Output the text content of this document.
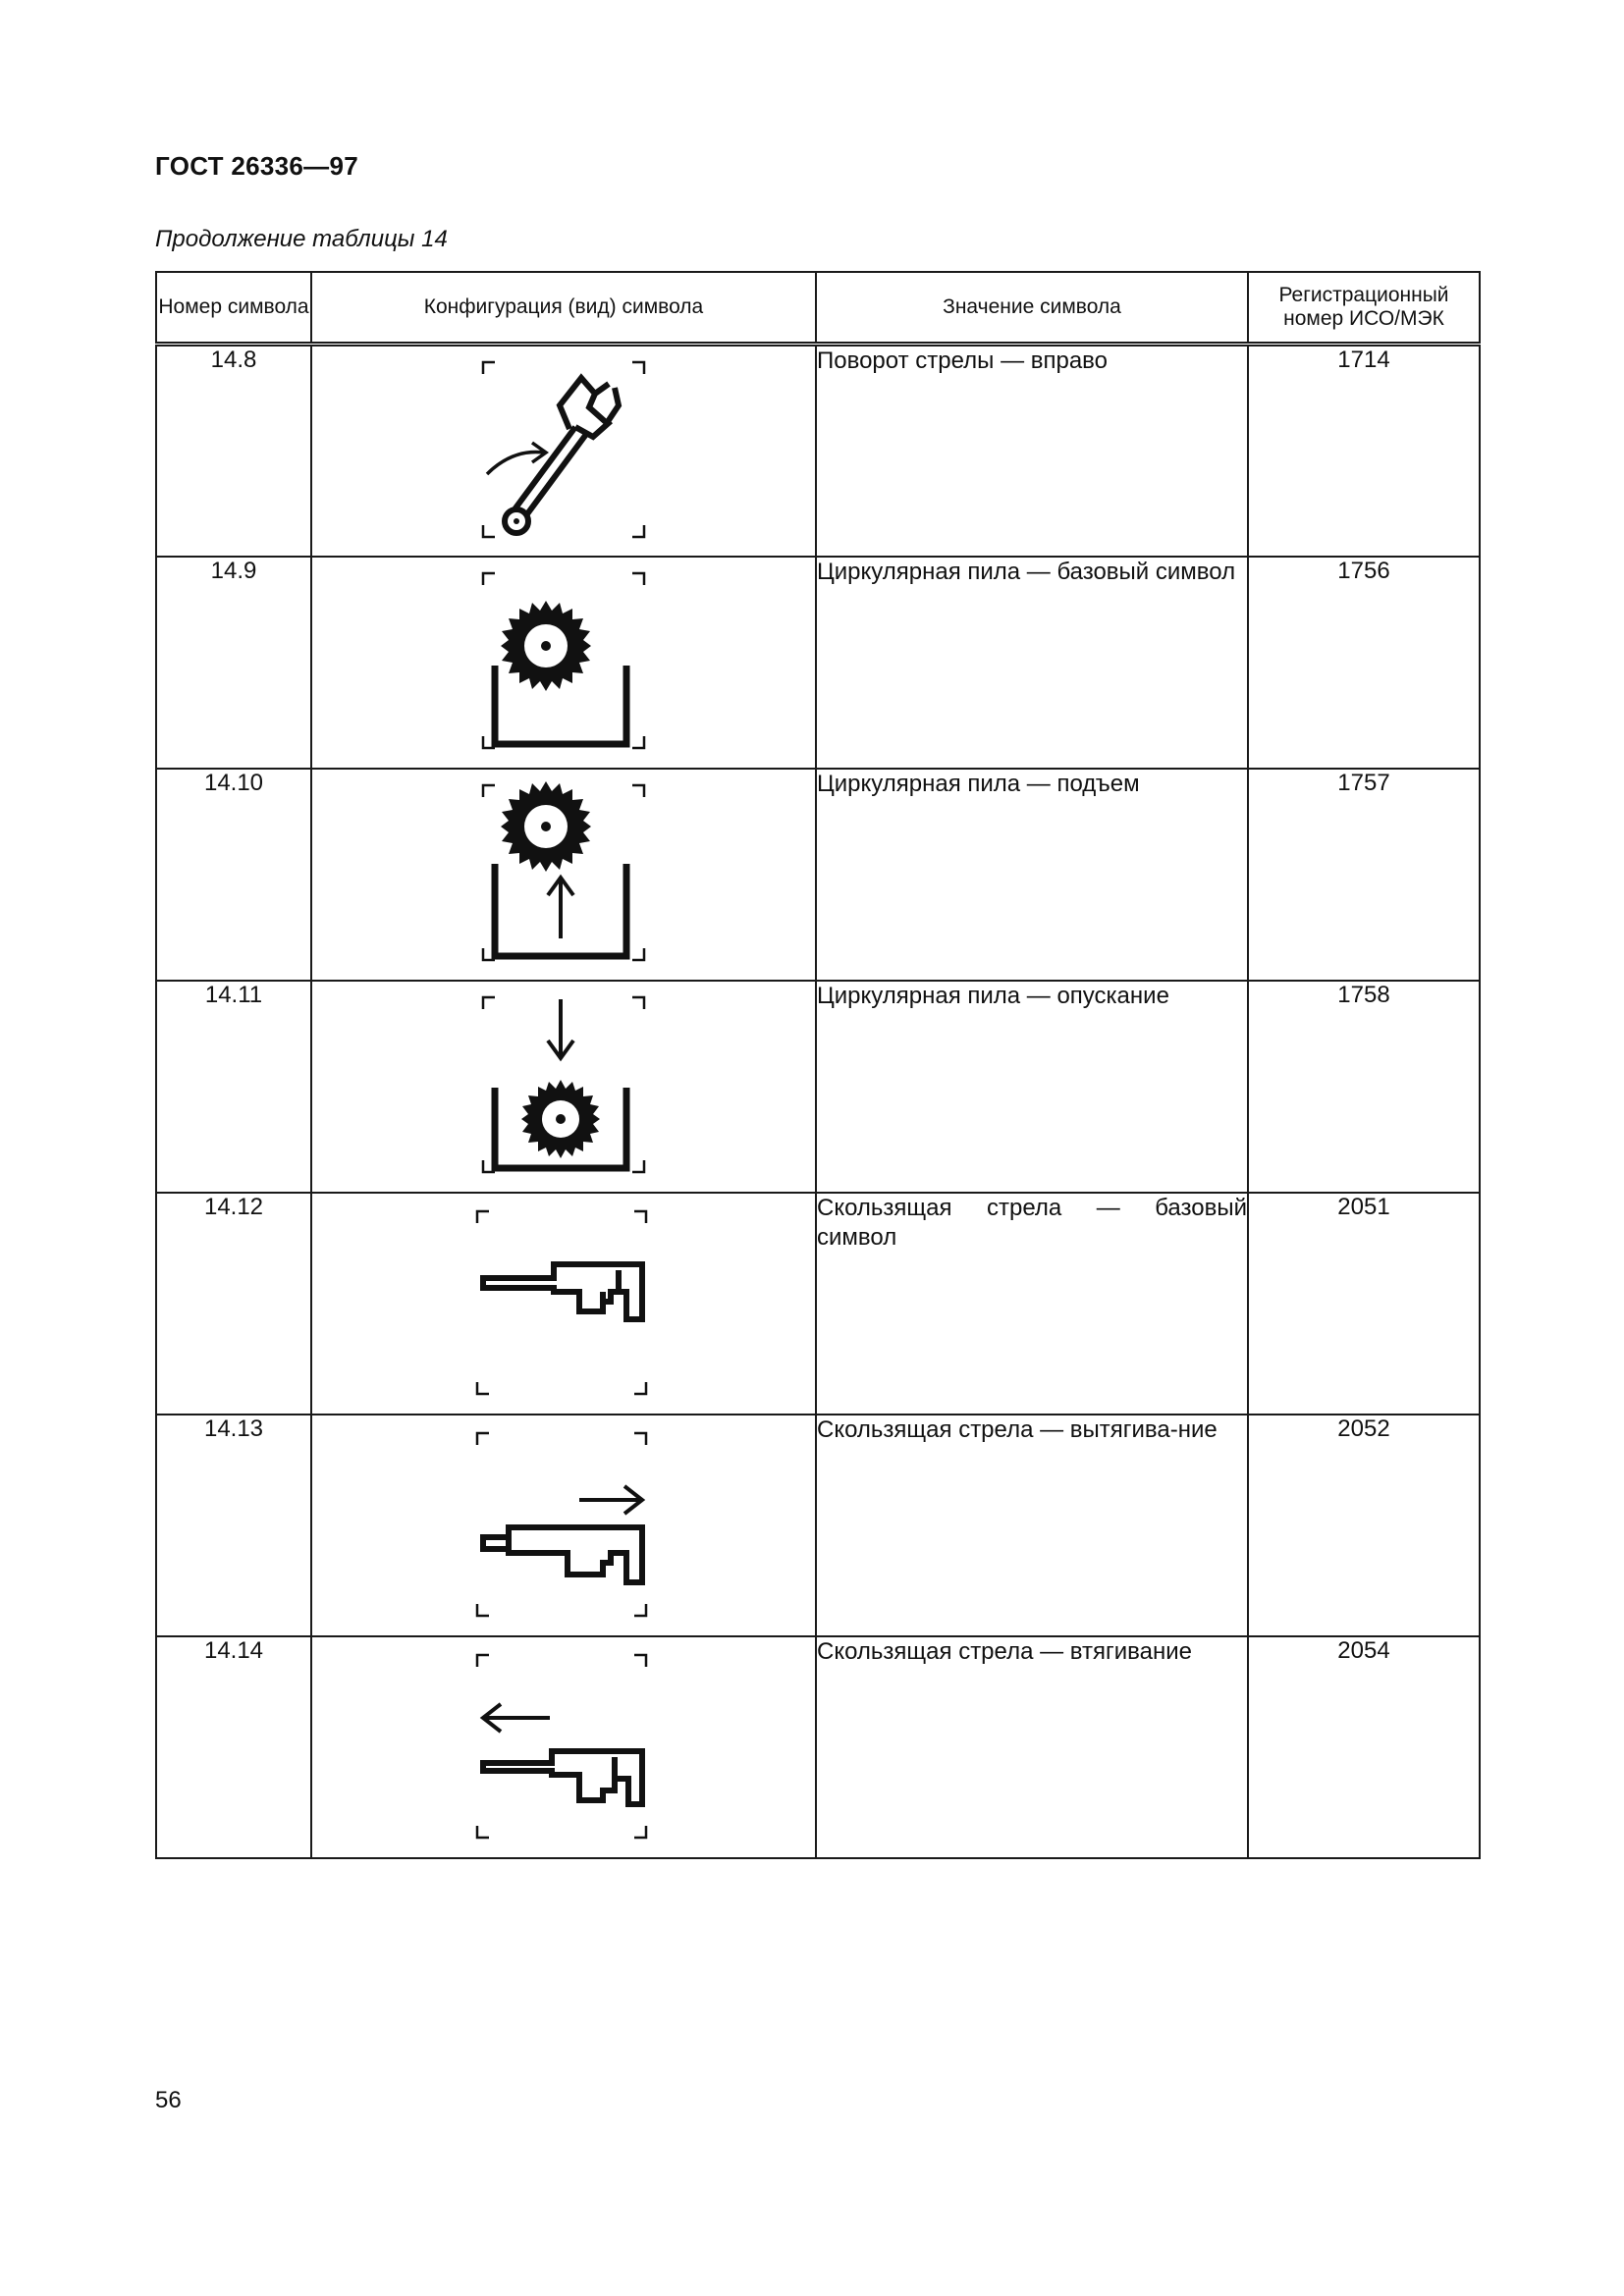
ГОСТ 26336—97
Продолжение таблицы 14
Номер символа	Конфигурация (вид) символа	Значение символа	Регистрационный номер ИСО/МЭК
14.8		Поворот стрелы — вправо	1714
14.9		Циркулярная пила — базовый символ	1756
14.10		Циркулярная пила — подъем	1757
14.11		Циркулярная пила — опускание	1758
14.12		Скользящая стрела — базовый символ	2051
14.13		Скользящая стрела — вытягива-ние	2052
14.14		Скользящая стрела — втягивание	2054
56
